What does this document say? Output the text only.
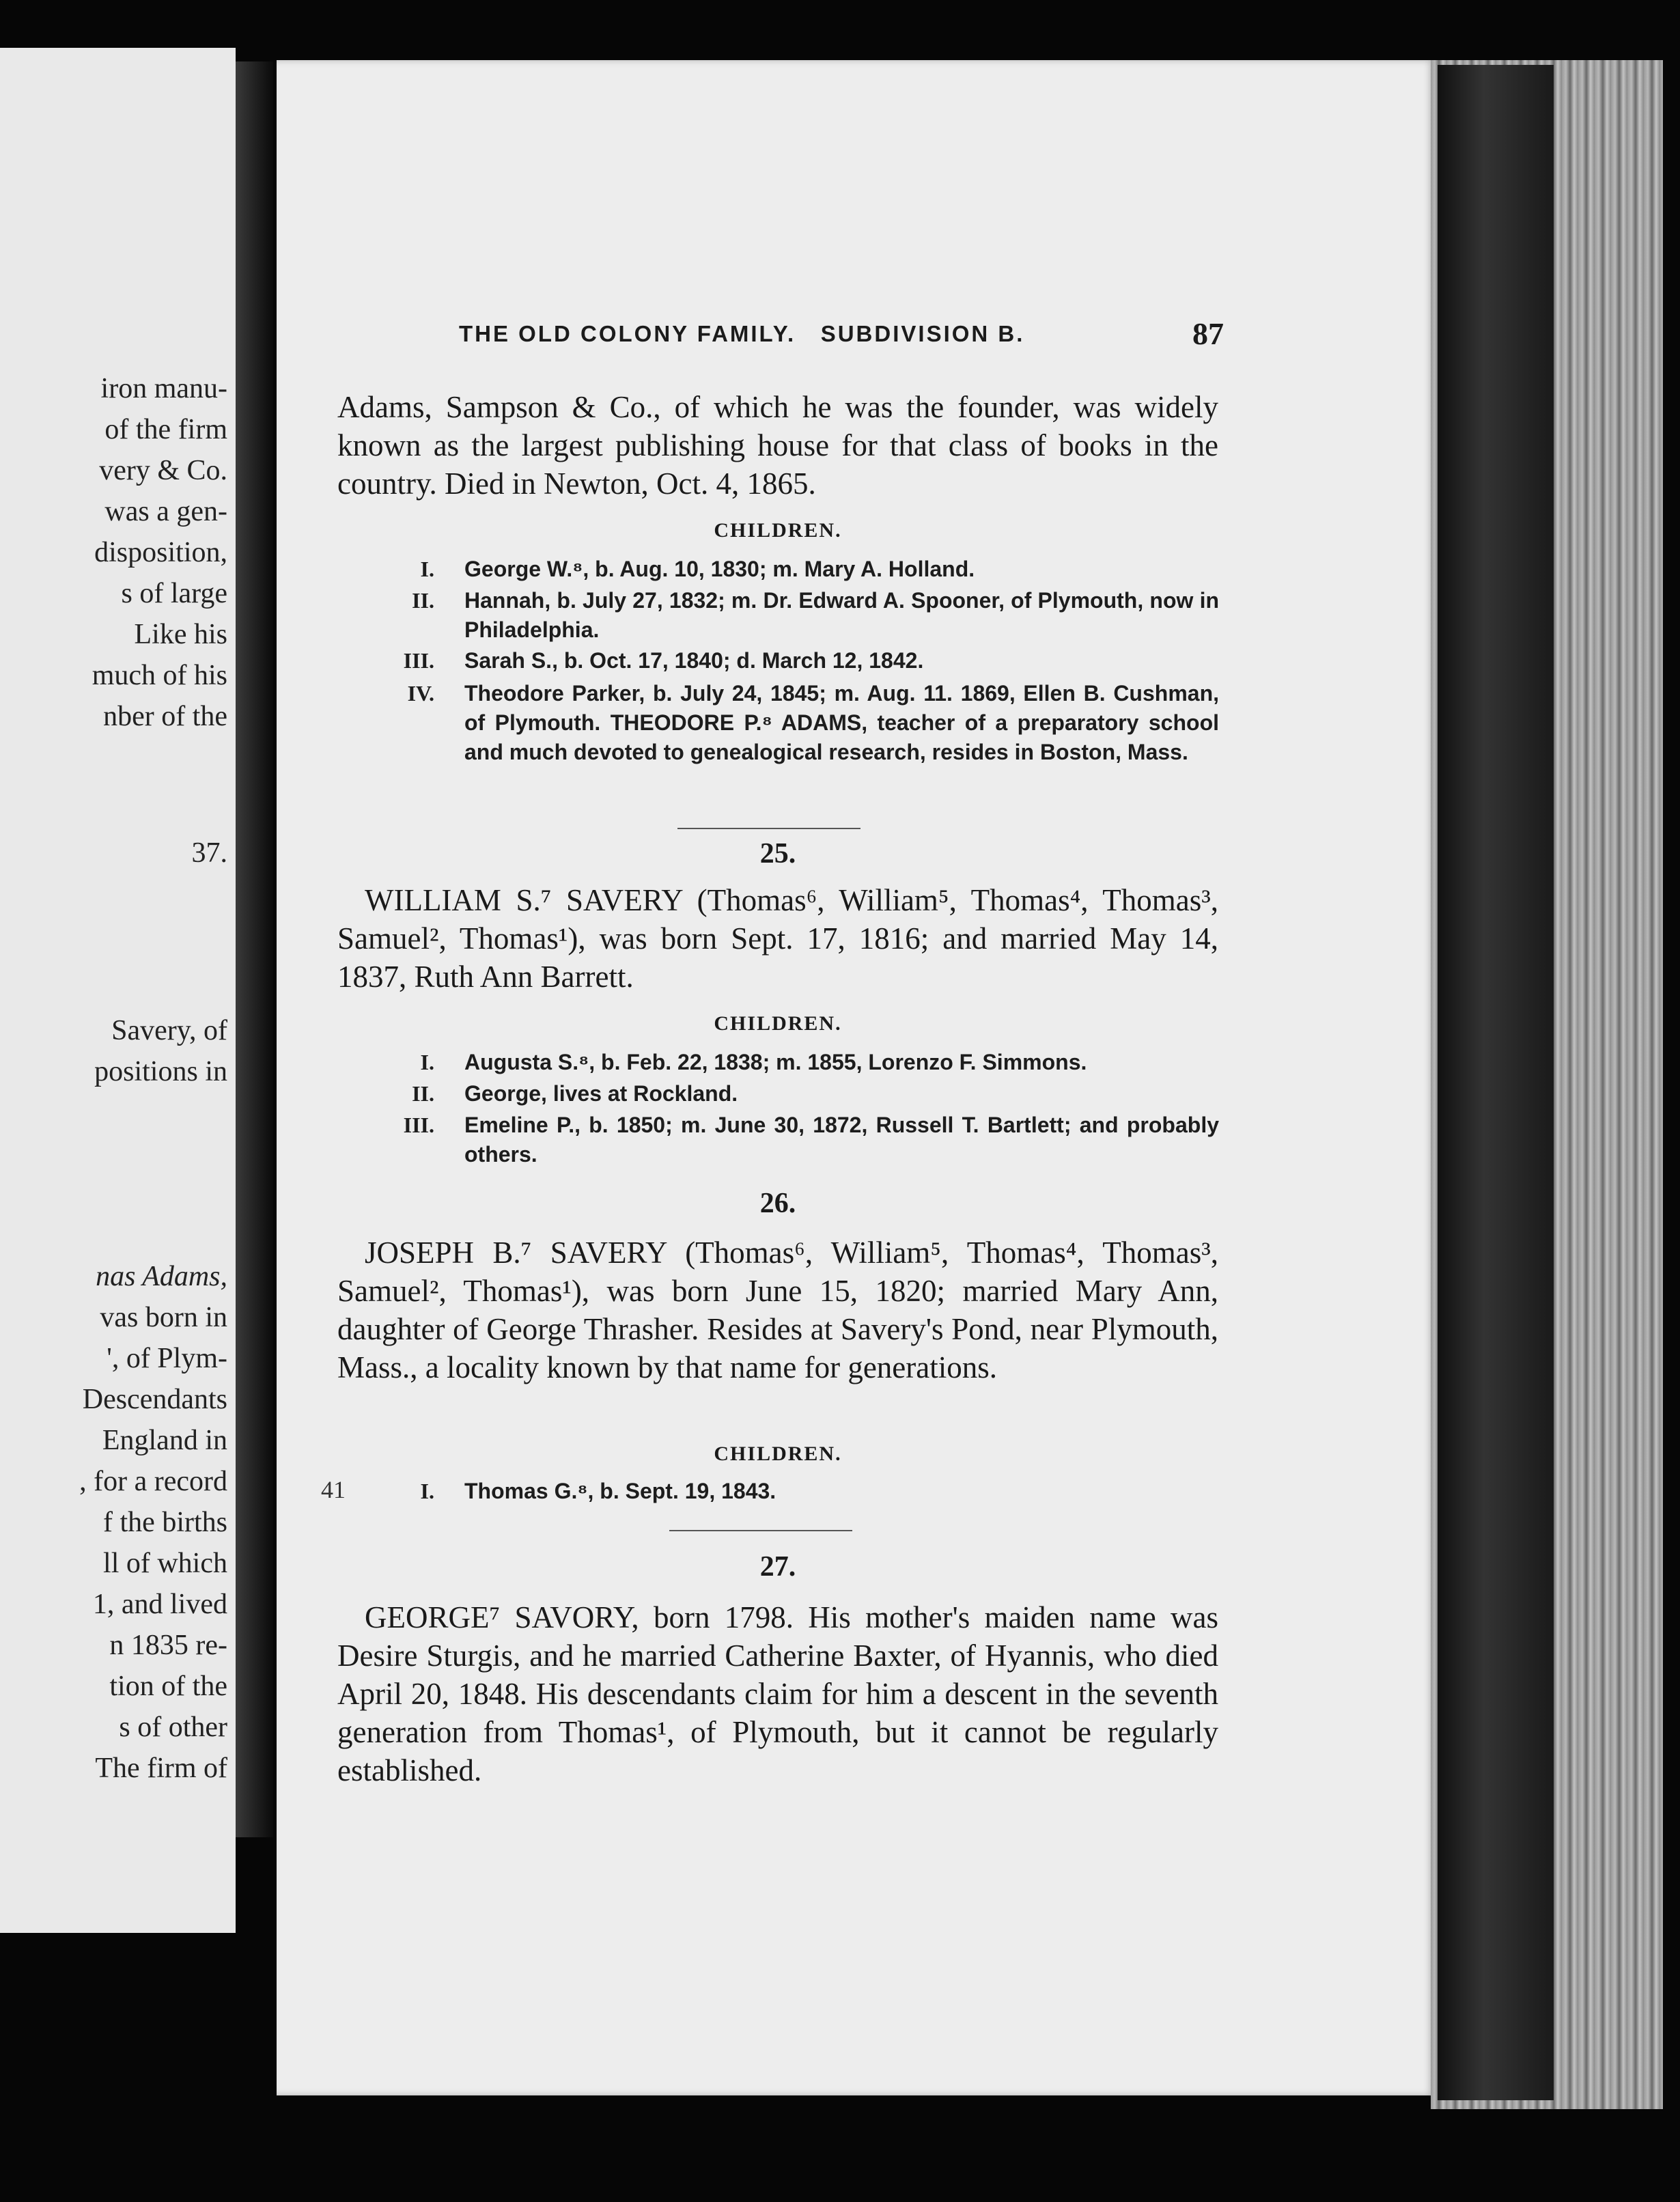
iron manu-
of the firm
very & Co.
was a gen-
disposition,
s of large
Like his
much of his
nber of the
37.
Savery, of
positions in
nas Adams,
vas born in
', of Plym-
Descendants
England in
, for a record
f the births
ll of which
1, and lived
n 1835 re-
tion of the
s of other
The firm of
THE OLD COLONY FAMILY.   SUBDIVISION B.	87
Adams, Sampson & Co., of which he was the founder, was widely known as the largest publishing house for that class of books in the country. Died in Newton, Oct. 4, 1865.
CHILDREN.
I. George W.⁸, b. Aug. 10, 1830; m. Mary A. Holland.
II. Hannah, b. July 27, 1832; m. Dr. Edward A. Spooner, of Plymouth, now in Philadelphia.
III. Sarah S., b. Oct. 17, 1840; d. March 12, 1842.
IV. Theodore Parker, b. July 24, 1845; m. Aug. 11. 1869, Ellen B. Cushman, of Plymouth. THEODORE P.⁸ ADAMS, teacher of a preparatory school and much devoted to genealogical research, resides in Boston, Mass.
25.
WILLIAM S.⁷ SAVERY (Thomas⁶, William⁵, Thomas⁴, Thomas³, Samuel², Thomas¹), was born Sept. 17, 1816; and married May 14, 1837, Ruth Ann Barrett.
CHILDREN.
I. Augusta S.⁸, b. Feb. 22, 1838; m. 1855, Lorenzo F. Simmons.
II. George, lives at Rockland.
III. Emeline P., b. 1850; m. June 30, 1872, Russell T. Bartlett; and probably others.
26.
JOSEPH B.⁷ SAVERY (Thomas⁶, William⁵, Thomas⁴, Thomas³, Samuel², Thomas¹), was born June 15, 1820; married Mary Ann, daughter of George Thrasher. Resides at Savery's Pond, near Plymouth, Mass., a locality known by that name for generations.
CHILDREN.
41	I. Thomas G.⁸, b. Sept. 19, 1843.
27.
GEORGE⁷ SAVORY, born 1798. His mother's maiden name was Desire Sturgis, and he married Catherine Baxter, of Hyannis, who died April 20, 1848. His descendants claim for him a descent in the seventh generation from Thomas¹, of Plymouth, but it cannot be regularly established.
